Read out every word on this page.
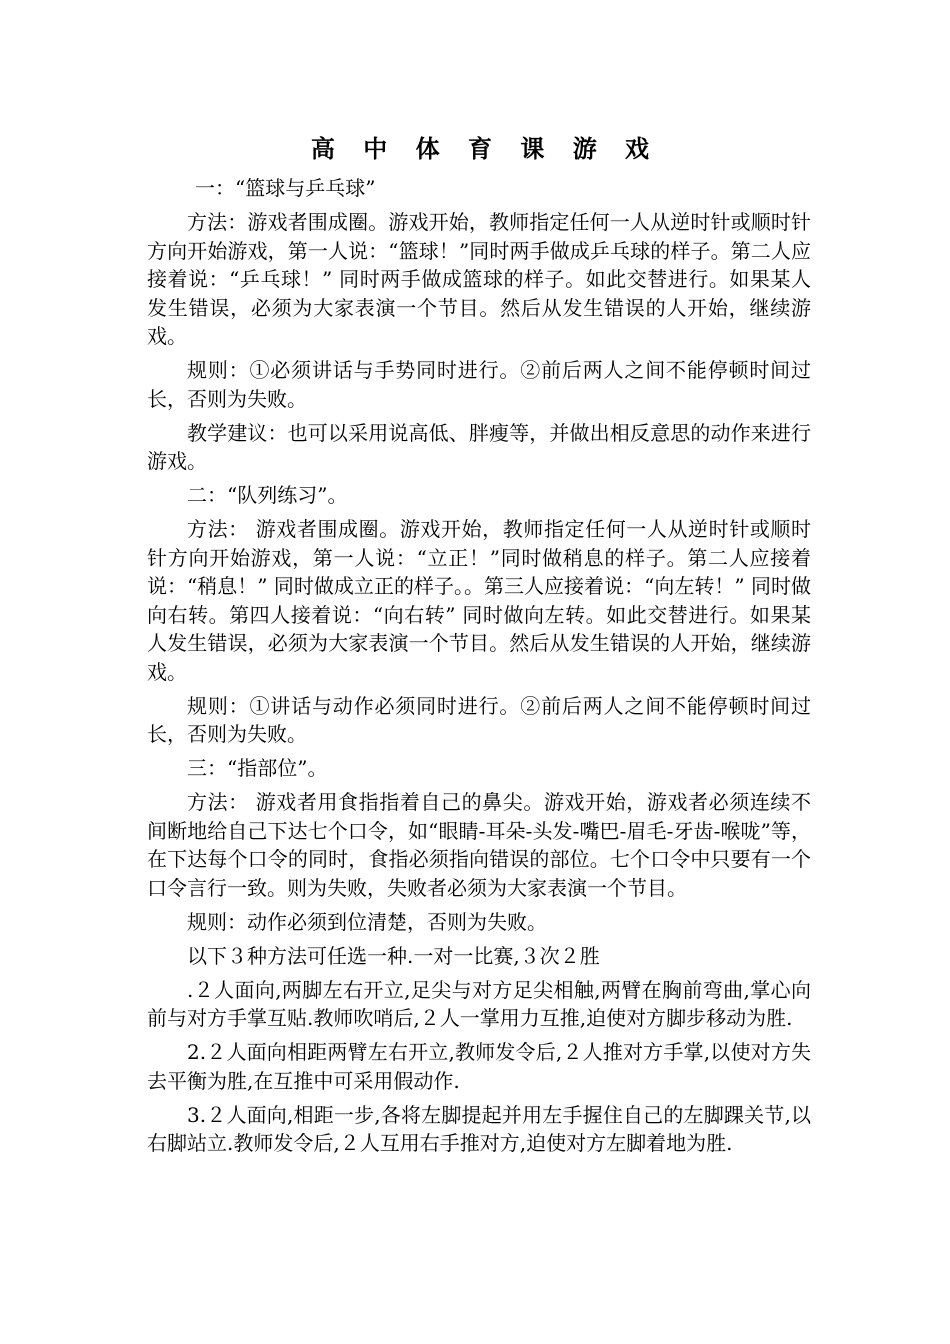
高 中 体 育 课 游 戏

一：“篮球与乒乓球”

方法：游戏者围成圈。游戏开始，教师指定任何一人从逆时针或顺时针方向开始游戏，第一人说：“篮球！”同时两手做成乒乓球的样子。第二人应接着说：“乒乓球！” 同时两手做成篮球的样子。如此交替进行。如果某人发生错误，必须为大家表演一个节目。然后从发生错误的人开始，继续游戏。

规则：①必须讲话与手势同时进行。②前后两人之间不能停顿时间过长，否则为失败。

教学建议：也可以采用说高低、胖瘦等，并做出相反意思的动作来进行游戏。

二：“队列练习”。

方法： 游戏者围成圈。游戏开始，教师指定任何一人从逆时针或顺时针方向开始游戏，第一人说：“立正！”同时做稍息的样子。第二人应接着说：“稍息！” 同时做成立正的样子。。第三人应接着说：“向左转！” 同时做向右转。第四人接着说：“向右转” 同时做向左转。如此交替进行。如果某人发生错误，必须为大家表演一个节目。然后从发生错误的人开始，继续游戏。

规则：①讲话与动作必须同时进行。②前后两人之间不能停顿时间过长，否则为失败。

三：“指部位”。

方法： 游戏者用食指指着自己的鼻尖。游戏开始，游戏者必须连续不间断地给自己下达七个口令，如“眼睛-耳朵-头发-嘴巴-眉毛-牙齿-喉咙”等，在下达每个口令的同时，食指必须指向错误的部位。七个口令中只要有一个口令言行一致。则为失败，失败者必须为大家表演一个节目。

规则：动作必须到位清楚，否则为失败。

以下３种方法可任选一种.一对一比赛,３次２胜

.２人面向,两脚左右开立,足尖与对方足尖相触,两臂在胸前弯曲,掌心向前与对方手掌互贴.教师吹哨后,２人一掌用力互推,迫使对方脚步移动为胜.

2.２人面向相距两臂左右开立,教师发令后,２人推对方手掌,以使对方失去平衡为胜,在互推中可采用假动作.

3.２人面向,相距一步,各将左脚提起并用左手握住自己的左脚踝关节,以右脚站立.教师发令后,２人互用右手推对方,迫使对方左脚着地为胜.
